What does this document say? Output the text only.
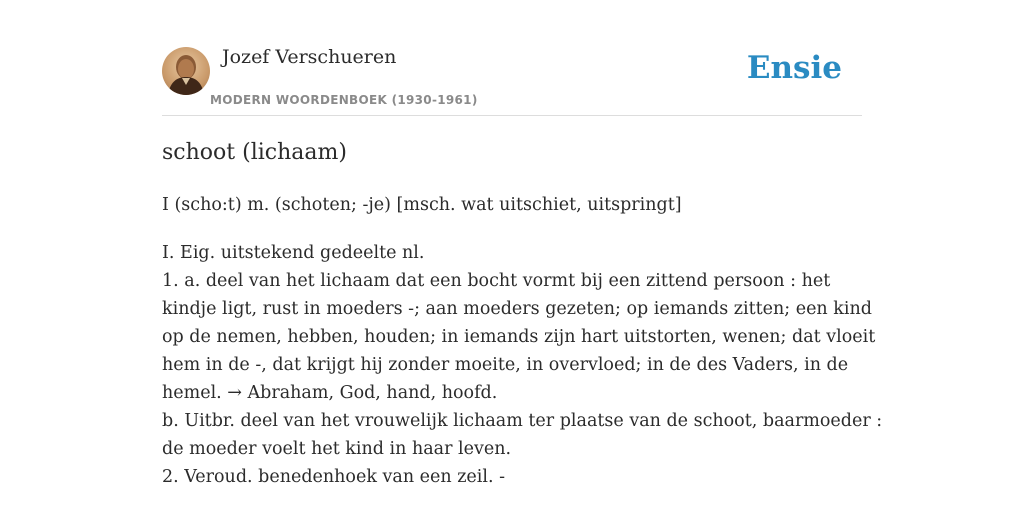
Jozef Verschueren
MODERN WOORDENBOEK (1930-1961)
Ensie
schoot (lichaam)
I (scho:t) m. (schoten; -je) [msch. wat uitschiet, uitspringt]
I. Eig. uitstekend gedeelte nl.
1. a. deel van het lichaam dat een bocht vormt bij een zittend persoon : het
kindje ligt, rust in moeders -; aan moeders gezeten; op iemands zitten; een kind
op de nemen, hebben, houden; in iemands zijn hart uitstorten, wenen; dat vloeit
hem in de -, dat krijgt hij zonder moeite, in overvloed; in de des Vaders, in de
hemel. → Abraham, God, hand, hoofd.
b. Uitbr. deel van het vrouwelijk lichaam ter plaatse van de schoot, baarmoeder :
de moeder voelt het kind in haar leven.
2. Veroud. benedenhoek van een zeil. -
